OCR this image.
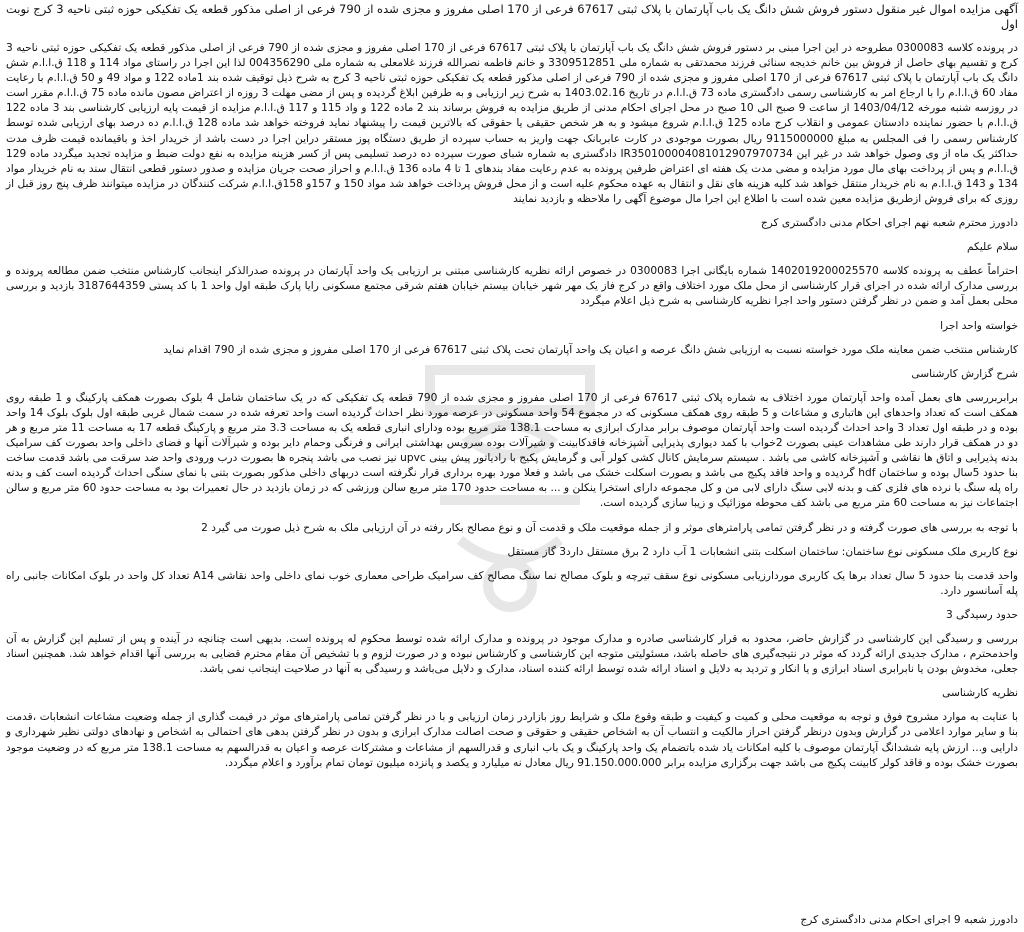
آگهی مزایده اموال غیر منقول دستور فروش شش دانگ یک باب آپارتمان با پلاک ثبتی 67617 فرعی از 170 اصلی مفروز و مجزی شده از 790 فرعی از اصلی مذکور قطعه یک تفکیکی حوزه ثبتی ناحیه 3 کرج نوبت اول

در پرونده کلاسه 0300083 مطروحه در این اجرا مبنی بر دستور فروش شش دانگ یک باب آپارتمان با پلاک ثبتی 67617 فرعی از 170 اصلی مفروز و مجزی شده از 790 فرعی از اصلی مذکور قطعه یک تفکیکی حوزه ثبتی ناحیه 3 کرج و تقسیم بهای حاصل از فروش بین خانم خدیجه سنائی فرزند محمدتقی به شماره ملی 3309512851 و خانم فاطمه نصرالله فرزند غلامعلی به شماره ملی 004356290 لذا این اجرا در راستای مواد 114 و 118 ق.ا.ا.م شش دانگ یک باب آپارتمان با پلاک ثبتی 67617 فرعی از 170 اصلی مفروز و مجزی شده از 790 فرعی از اصلی مذکور قطعه یک تفکیکی حوزه ثبتی ناحیه 3 کرج به شرح ذیل توقیف شده بند 1ماده 122 و مواد 49 و 50 ق.ا.ا.م با رعایت مفاد 60 ق.ا.ا.م را با ارجاع امر به کارشناسی رسمی دادگستری ماده 73 ق.ا.ا.م در تاریخ 1403.02.16 به شرح زیر ارزیابی و به طرفین ابلاغ گردیده و پس از مضی مهلت 3 روزه از اعتراض مصون مانده ماده 75 ق.ا.ا.م مقرر است در روزسه شنبه مورخه 1403/04/12 از ساعت 9 صبح الی 10 صبح در محل اجرای احکام مدنی از طریق مزایده به فروش برساند بند 2 ماده 122 و واد 115 و 117 ق.ا.ا.م مزایده از قیمت پایه ارزیابی کارشناسی بند 3 ماده 122 ق.ا.ا.م با حضور نماینده دادستان عمومی و انقلاب کرج ماده 125 ق.ا.ا.م شروع میشود و به هر شخص حقیقی یا حقوقی که بالاترین قیمت را پیشنهاد نماید فروخته خواهد شد ماده 128 ق.ا.ا.م ده درصد بهای ارزیابی شده توسط کارشناس رسمی را فی المجلس به مبلغ 9115000000 ریال بصورت موجودی در کارت عابربانک جهت واریز به حساب سپرده از طریق دستگاه پوز مستقر دراین اجرا در دست باشد از خریدار اخذ و باقیمانده قیمت ظرف مدت حداکثر یک ماه از وی وصول خواهد شد در غیر این IR350100004081012907970734 دادگستری به شماره شبای صورت سپرده ده درصد تسلیمی پس از کسر هزینه مزایده به نفع دولت ضبط و مزایده تجدید میگردد ماده 129 ق.ا.ا.م و پس از پرداخت بهای مال مورد مزایده و مضی مدت یک هفته ای اعتراض طرفین پرونده به عدم رعایت مفاد بندهای 1 تا 4 ماده 136 ق.ا.ا.م و احراز صحت جریان مزایده و صدور دستور قطعی انتقال سند به نام خریدار مواد 134 و 143 ق.ا.ا.م به نام خریدار منتقل خواهد شد کلیه هزینه های نقل و انتقال به عهده محکوم علیه است و از محل فروش پرداخت خواهد شد مواد 150 و 157و 158ق.ا.ا.م شرکت کنندگان در مزایده میتوانند ظرف پنج روز قبل از روزی که برای فروش ازطریق مزایده معین شده است با اطلاع این اجرا مال موضوع آگهی را ملاحظه و بازدید نمایند

دادورز محترم شعبه نهم اجرای احکام مدنی دادگستری کرج

سلام علیکم

احتراماً عطف به پرونده کلاسه 1402019200025570 شماره بایگانی اجرا 0300083 در خصوص ارائه نظریه کارشناسی مبتنی بر ارزیابی یک واحد آپارتمان در پرونده صدرالذکر اینجانب کارشناس منتخب ضمن مطالعه پرونده و بررسی مدارک ارائه شده در اجرای قرار کارشناسی از محل ملک مورد اختلاف واقع در کرج فاز یک مهر شهر خیابان بیستم خیابان هفتم شرقی مجتمع مسکونی رایا پارک طبقه اول واحد 1 با کد پستی 3187644359 بازدید و بررسی محلی بعمل آمد و ضمن در نظر گرفتن دستور واحد اجرا نظریه کارشناسی به شرح ذیل اعلام میگردد

خواسته واحد اجرا

کارشناس منتخب ضمن معاینه ملک مورد خواسته نسبت به ارزیابی شش دانگ عرصه و اعیان یک واحد آپارتمان تحت پلاک ثبتی 67617 فرعی از 170 اصلی مفروز و مجزی شده از 790 اقدام نماید

شرح گزارش کارشناسی

برابربررسی های بعمل آمده واحد آپارتمان مورد اختلاف به شماره پلاک ثبتی 67617 فرعی از 170 اصلی مفروز و مجزی شده از 790 قطعه یک تفکیکی که در یک ساختمان شامل 4 بلوک بصورت همکف پارکینگ و 1 طبقه روی همکف است که تعداد واحدهای این هاتباری و مشاعات و 5 طبقه روی همکف مسکونی که در مجموع 54 واحد مسکونی در عرصه مورد نظر احداث گردیده است واحد تعرفه شده در سمت شمال غربی طبقه اول بلوک بلوک 14 واحد بوده و در طبقه اول تعداد 3 واحد احداث گردیده است واحد آپارتمان موصوف برابر مدارک ابرازی به مساحت 138.1 متر مربع بوده ودارای انباری قطعه یک به مساحت 3.3 متر مربع و پارکینگ قطعه 17 به مساحت 11 متر مربع و هر دو در همکف قرار دارند طی مشاهدات عینی بصورت 2خواب با کمد دیواری پذیرایی آشپزخانه فاقدکابینت و شیرآلات بوده سرویس بهداشتی ایرانی و فرنگی وحمام دایر بوده و شیرآلات آنها و فضای داخلی واحد بصورت کف سرامیک بدنه پذیرایی و اتاق ها نقاشی و آشپزخانه کاشی می باشد . سیستم سرمایش کانال کشی کولر آبی و گرمایش پکیج با رادیاتور پیش بینی upvc نیز نصب می باشد پنجره ها بصورت درب ورودی واحد ضد سرقت می باشد قدمت ساخت بنا حدود 5سال بوده و ساختمان hdf گردیده و واحد فاقد پکیج می باشد و بصورت اسکلت خشک می باشد و فعلا مورد بهره برداری قرار نگرفته است دربهای داخلی مذکور بصورت بتنی با نمای سنگی احداث گردیده است کف و بدنه راه پله سنگ با نرده های فلزی کف و بدنه لابی سنگ دارای لابی من و کل مجموعه دارای استخرا ینکلن و ... به مساحت حدود 170 متر مربع سالن ورزشی که در زمان بازدید در حال تعمیرات بود به مساحت حدود 60 متر مربع و سالن اجتماعات نیز به مساحت 60 متر مربع می باشد کف محوطه موزائیک و زیبا سازی گردیده است.

با توجه به بررسی های صورت گرفته و در نظر گرفتن تمامی پارامترهای موثر و از جمله موقعیت ملک و قدمت آن و نوع مصالح بکار رفته در آن ارزیابی ملک به شرح ذیل صورت می گیرد 2

نوع کاربری ملک مسکونی نوع ساختمان: ساختمان اسکلت بتنی انشعابات 1 آب دارد 2 برق مستقل دارد3 گاز مستقل

واحد قدمت بنا حدود 5 سال تعداد برها یک کاربری موردارزیابی مسکونی نوع سقف تیرچه و بلوک مصالح نما سنگ مصالح کف سرامیک طراحی معماری خوب نمای داخلی واحد نقاشی A14 تعداد کل واحد در بلوک امکانات جانبی راه پله آسانسور دارد.

حدود رسیدگی 3

بررسی و رسیدگی این کارشناسی در گزارش حاضر، محدود به قرار کارشناسی صادره و مدارک موجود در پرونده و مدارک ارائه شده توسط محکوم له پرونده است. بدیهی است چنانچه در آینده و پس از تسلیم این گزارش به آن واحدمحترم ، مدارک جدیدی ارائه گردد که موثر در نتیجه‌گیری های حاصله باشد، مسئولیتی متوجه این کارشناسی و کارشناس نبوده و در صورت لزوم و با تشخیص آن مقام محترم قضایی به بررسی آنها اقدام خواهد شد. همچنین اسناد جعلی، مخدوش بودن یا نابرابری اسناد ابرازی و یا انکار و تردید به دلایل و اسناد ارائه شده توسط ارائه کننده اسناد، مدارک و دلایل می‌باشد و رسیدگی به آنها در صلاحیت اینجانب نمی باشد.

نظریه کارشناسی

با عنایت به موارد مشروح فوق و توجه به موقعیت محلی و کمیت و کیفیت و طبقه وقوع ملک و شرایط روز بازاردر زمان ارزیابی و با در نظر گرفتن تمامی پارامترهای موثر در قیمت گذاری از جمله وضعیت مشاعات انشعابات ،قدمت بنا و سایر موارد اعلامی در گزارش وبدون درنظر گرفتن احراز مالکیت و انتساب آن به اشخاص حقیقی و حقوقی و صحت اصالت مدارک ابرازی و بدون در نظر گرفتن بدهی های احتمالی به اشخاص و نهادهای دولتی نظیر شهرداری و دارایی و... ارزش پایه ششدانگ آپارتمان موصوف با کلیه امکانات یاد شده باتضمام یک واحد پارکینگ و یک باب انباری و قدرالسهم از مشاعات و مشترکات عرصه و اعیان به قدرالسهم به مساحت 138.1 متر مربع که در وضعیت موجود بصورت خشک بوده و فاقد کولر کابینت پکیج می باشد جهت برگزاری مزایده برابر 91.150.000.000 ریال معادل نه میلیارد و یکصد و پانزده میلیون تومان تمام برآورد و اعلام میگردد.

دادورز شعبه 9 اجرای احکام مدنی دادگستری کرج
